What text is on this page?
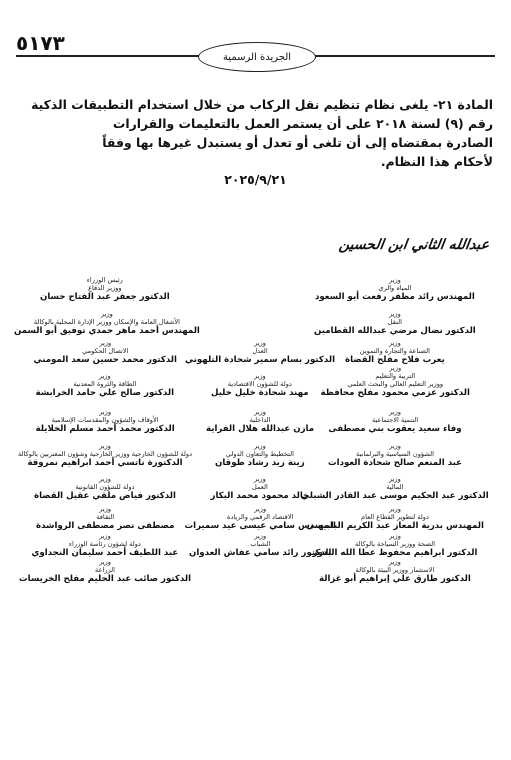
٥١٧٣
الجريدة الرسمية
المادة ٢١- يلغى نظام تنظيم نقل الركاب من خلال استخدام التطبيقات الذكية
رقم (٩) لسنة ٢٠١٨ على أن يستمر العمل بالتعليمات والقرارات
الصادرة بمقتضاه إلى أن تلغى أو تعدل أو يستبدل غيرها بها وفقاً
لأحكام هذا النظام.
٢٠٢٥/٩/٢١
عبدالله الثاني ابن الحسين
رئيس الوزراء
ووزير الدفاع
الدكتور جعفر عبد الفتاح حسان
وزير
المياه والري
المهندس رائد مظفر رفعت أبو السعود
وزير
الأشغال العامة والإسكان ووزير الإدارة المحلية بالوكالة
المهندس أحمد ماهر حمدي توفيق أبو السمن
وزير
النقل
الدكتور نضال مرضي عبدالله القطامين
وزير
الاتصال الحكومي
الدكتور محمد حسين سعد المومني
وزير
العدل
الدكتور بسام سمير شحادة التلهوني
وزير
الصناعة والتجارة والتموين
يعرب فلاح مفلح القضاة
وزير
الطاقة والثروة المعدنية
الدكتور صالح علي حامد الخرابشة
وزير
دولة للشؤون الاقتصادية
مهند شحادة خليل خليل
وزير
التربية والتعليم
ووزير التعليم العالي والبحث العلمي
الدكتور عزمي محمود مفلح محافظة
وزير
الأوقاف والشؤون والمقدسات الإسلامية
الدكتور محمد أحمد مسلم الخلايلة
وزير
الداخلية
مازن عبدالله هلال الفراية
وزير
التنمية الاجتماعية
وفاء سعيد يعقوب بني مصطفى
وزير
دولة للشؤون الخارجية ووزير الخارجية وشؤون المغتربين بالوكالة
الدكتورة ناتسي أحمد ابراهيم نمروقة
وزير
التخطيط والتعاون الدولي
زينة زيد رشاد طوقان
وزير
الشؤون السياسية والبرلمانية
عبد المنعم صالح شحادة العودات
وزير
دولة للشؤون القانونية
الدكتور فياض ملقي عقيل القضاة
وزير
العمل
خالد محمود محمد البكار
وزير
المالية
الدكتور عبد الحكيم موسى عبد القادر الشبلي
وزير
الثقافة
مصطفى نصر مصطفى الرواشدة
وزير
الاقتصاد الرقمي والريادة
المهندس سامي عيسى عيد سميرات
وزير
دولة لتطوير القطاع العام
المهندس بدرية المعاز عبد الكريم البلبيسي
وزير
دولة لشؤون رئاسة الوزراء
عبد اللطيف أحمد سليمان النجداوي
وزير
الشباب
الدكتور رائد سامي عفاش العدوان
وزير
الصحة ووزير السياحة بالوكالة
الدكتور ابراهيم محفوظ عطا الله البدور
وزير
الزراعة
الدكتور صائب عبد الحليم مفلح الخريسات
وزير
الاستثمار ووزير البيئة بالوكالة
الدكتور طارق علي إبراهيم أبو غزالة
